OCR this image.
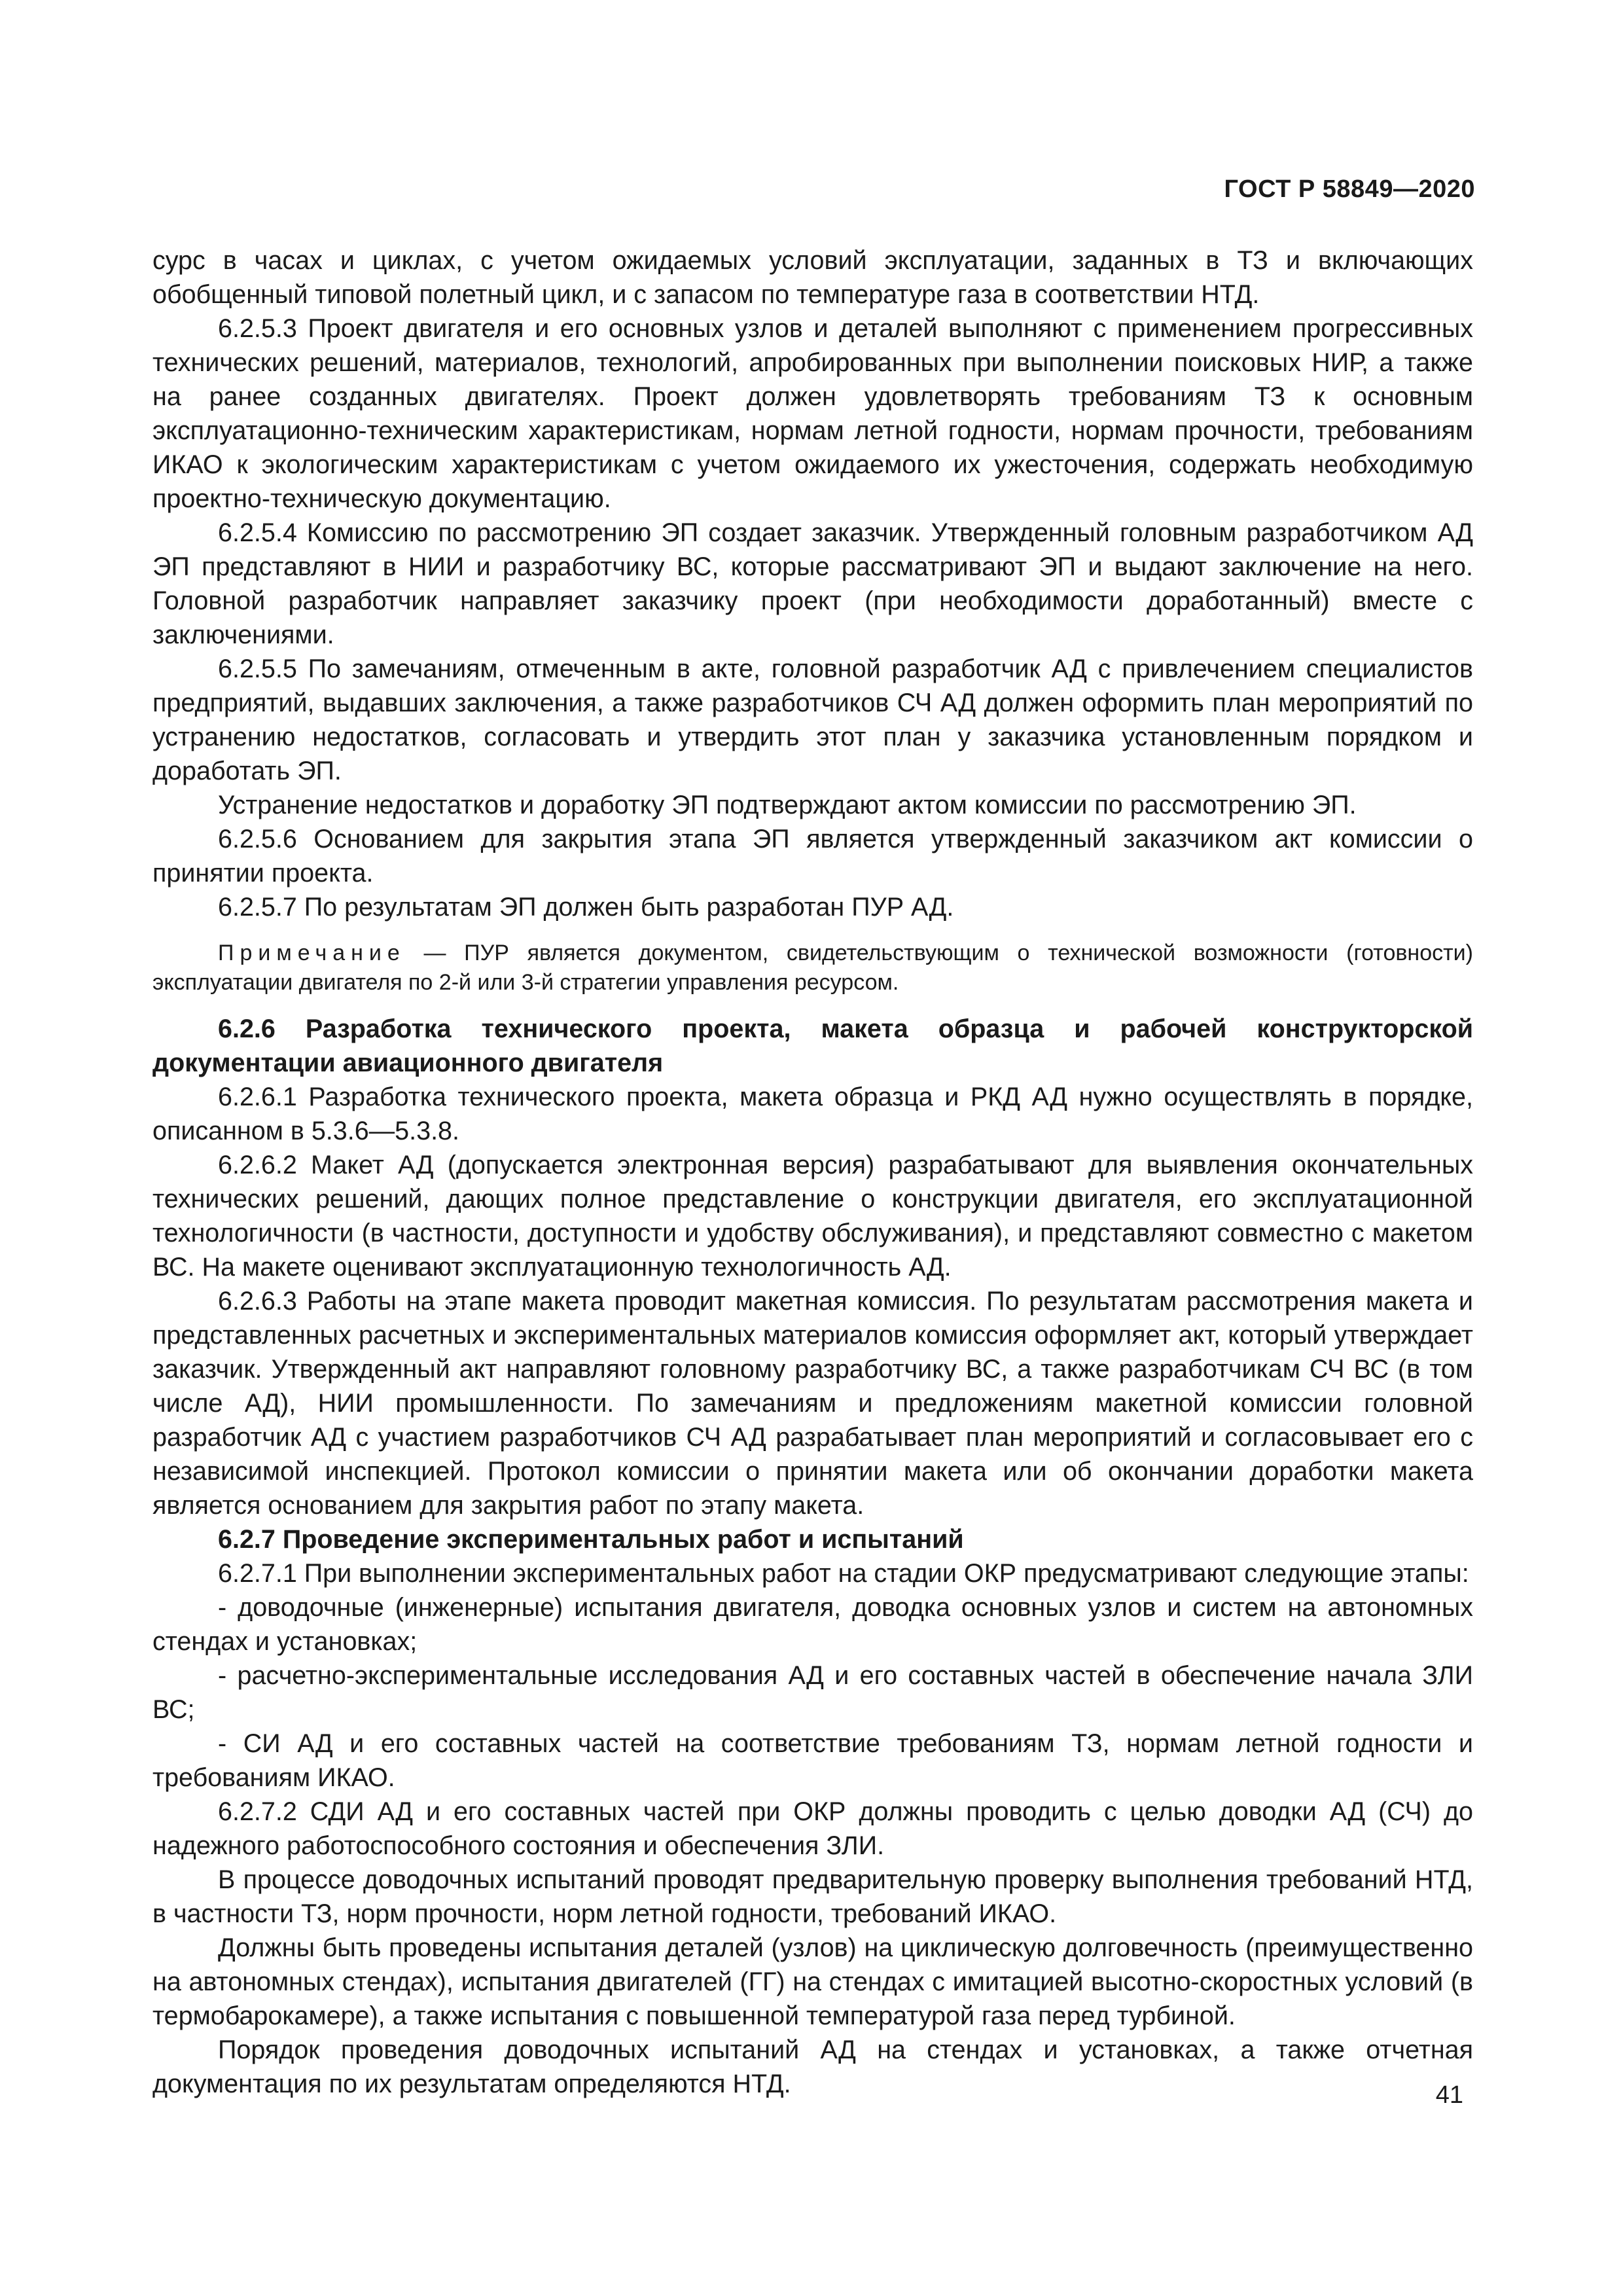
ГОСТ Р 58849—2020

сурс в часах и циклах, с учетом ожидаемых условий эксплуатации, заданных в ТЗ и включающих обобщенный типовой полетный цикл, и с запасом по температуре газа в соответствии НТД.

6.2.5.3 Проект двигателя и его основных узлов и деталей выполняют с применением прогрессивных технических решений, материалов, технологий, апробированных при выполнении поисковых НИР, а также на ранее созданных двигателях. Проект должен удовлетворять требованиям ТЗ к основным эксплуатационно-техническим характеристикам, нормам летной годности, нормам прочности, требованиям ИКАО к экологическим характеристикам с учетом ожидаемого их ужесточения, содержать необходимую проектно-техническую документацию.

6.2.5.4 Комиссию по рассмотрению ЭП создает заказчик. Утвержденный головным разработчиком АД ЭП представляют в НИИ и разработчику ВС, которые рассматривают ЭП и выдают заключение на него. Головной разработчик направляет заказчику проект (при необходимости доработанный) вместе с заключениями.

6.2.5.5 По замечаниям, отмеченным в акте, головной разработчик АД с привлечением специалистов предприятий, выдавших заключения, а также разработчиков СЧ АД должен оформить план мероприятий по устранению недостатков, согласовать и утвердить этот план у заказчика установленным порядком и доработать ЭП.

Устранение недостатков и доработку ЭП подтверждают актом комиссии по рассмотрению ЭП.

6.2.5.6 Основанием для закрытия этапа ЭП является утвержденный заказчиком акт комиссии о принятии проекта.

6.2.5.7 По результатам ЭП должен быть разработан ПУР АД.

Примечание — ПУР является документом, свидетельствующим о технической возможности (готовности) эксплуатации двигателя по 2-й или 3-й стратегии управления ресурсом.

6.2.6 Разработка технического проекта, макета образца и рабочей конструкторской документации авиационного двигателя

6.2.6.1 Разработка технического проекта, макета образца и РКД АД нужно осуществлять в порядке, описанном в 5.3.6—5.3.8.

6.2.6.2 Макет АД (допускается электронная версия) разрабатывают для выявления окончательных технических решений, дающих полное представление о конструкции двигателя, его эксплуатационной технологичности (в частности, доступности и удобству обслуживания), и представляют совместно с макетом ВС. На макете оценивают эксплуатационную технологичность АД.

6.2.6.3 Работы на этапе макета проводит макетная комиссия. По результатам рассмотрения макета и представленных расчетных и экспериментальных материалов комиссия оформляет акт, который утверждает заказчик. Утвержденный акт направляют головному разработчику ВС, а также разработчикам СЧ ВС (в том числе АД), НИИ промышленности. По замечаниям и предложениям макетной комиссии головной разработчик АД с участием разработчиков СЧ АД разрабатывает план мероприятий и согласовывает его с независимой инспекцией. Протокол комиссии о принятии макета или об окончании доработки макета является основанием для закрытия работ по этапу макета.

6.2.7 Проведение экспериментальных работ и испытаний

6.2.7.1 При выполнении экспериментальных работ на стадии ОКР предусматривают следующие этапы:

- доводочные (инженерные) испытания двигателя, доводка основных узлов и систем на автономных стендах и установках;

- расчетно-экспериментальные исследования АД и его составных частей в обеспечение начала ЗЛИ ВС;

- СИ АД и его составных частей на соответствие требованиям ТЗ, нормам летной годности и требованиям ИКАО.

6.2.7.2 СДИ АД и его составных частей при ОКР должны проводить с целью доводки АД (СЧ) до надежного работоспособного состояния и обеспечения ЗЛИ.

В процессе доводочных испытаний проводят предварительную проверку выполнения требований НТД, в частности ТЗ, норм прочности, норм летной годности, требований ИКАО.

Должны быть проведены испытания деталей (узлов) на циклическую долговечность (преимущественно на автономных стендах), испытания двигателей (ГГ) на стендах с имитацией высотно-скоростных условий (в термобарокамере), а также испытания с повышенной температурой газа перед турбиной.

Порядок проведения доводочных испытаний АД на стендах и установках, а также отчетная документация по их результатам определяются НТД.	41
